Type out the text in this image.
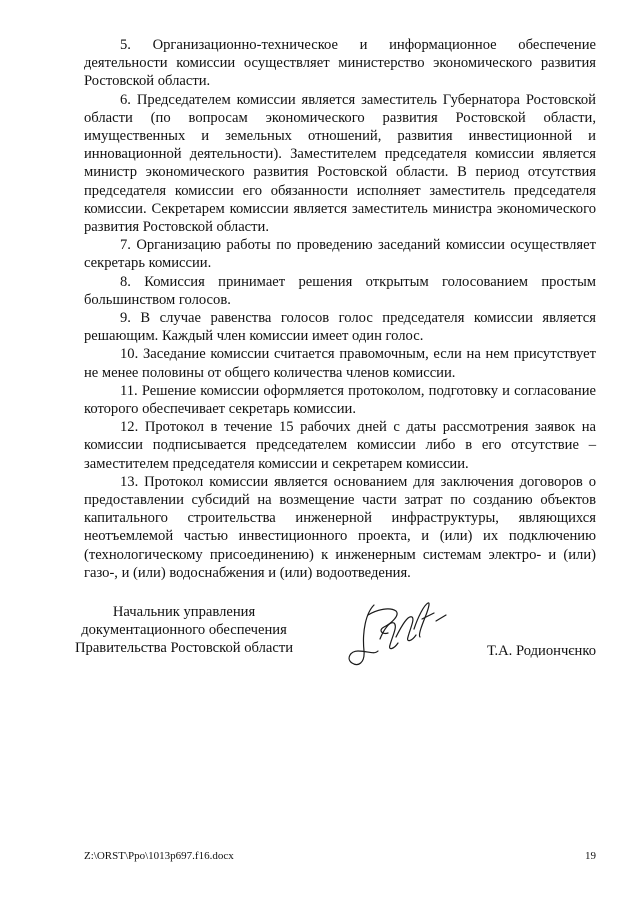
5. Организационно-техническое и информационное обеспечение деятельности комиссии осуществляет министерство экономического развития Ростовской области.

6. Председателем комиссии является заместитель Губернатора Ростовской области (по вопросам экономического развития Ростовской области, имущественных и земельных отношений, развития инвестиционной и инновационной деятельности). Заместителем председателя комиссии является министр экономического развития Ростовской области. В период отсутствия председателя комиссии его обязанности исполняет заместитель председателя комиссии. Секретарем комиссии является заместитель министра экономического развития Ростовской области.

7. Организацию работы по проведению заседаний комиссии осуществляет секретарь комиссии.

8. Комиссия принимает решения открытым голосованием простым большинством голосов.

9. В случае равенства голосов голос председателя комиссии является решающим. Каждый член комиссии имеет один голос.

10. Заседание комиссии считается правомочным, если на нем присутствует не менее половины от общего количества членов комиссии.

11. Решение комиссии оформляется протоколом, подготовку и согласование которого обеспечивает секретарь комиссии.

12. Протокол в течение 15 рабочих дней с даты рассмотрения заявок на комиссии подписывается председателем комиссии либо в его отсутствие – заместителем председателя комиссии и секретарем комиссии.

13. Протокол комиссии является основанием для заключения договоров о предоставлении субсидий на возмещение части затрат по созданию объектов капитального строительства инженерной инфраструктуры, являющихся неотъемлемой частью инвестиционного проекта, и (или) их подключению (технологическому присоединению) к инженерным системам электро- и (или) газо-, и (или) водоснабжения и (или) водоотведения.

Начальник управления
документационного обеспечения
Правительства Ростовской области	Т.А. Родиончєнко
Z:\ORST\Ppo\1013p697.f16.docx	19
